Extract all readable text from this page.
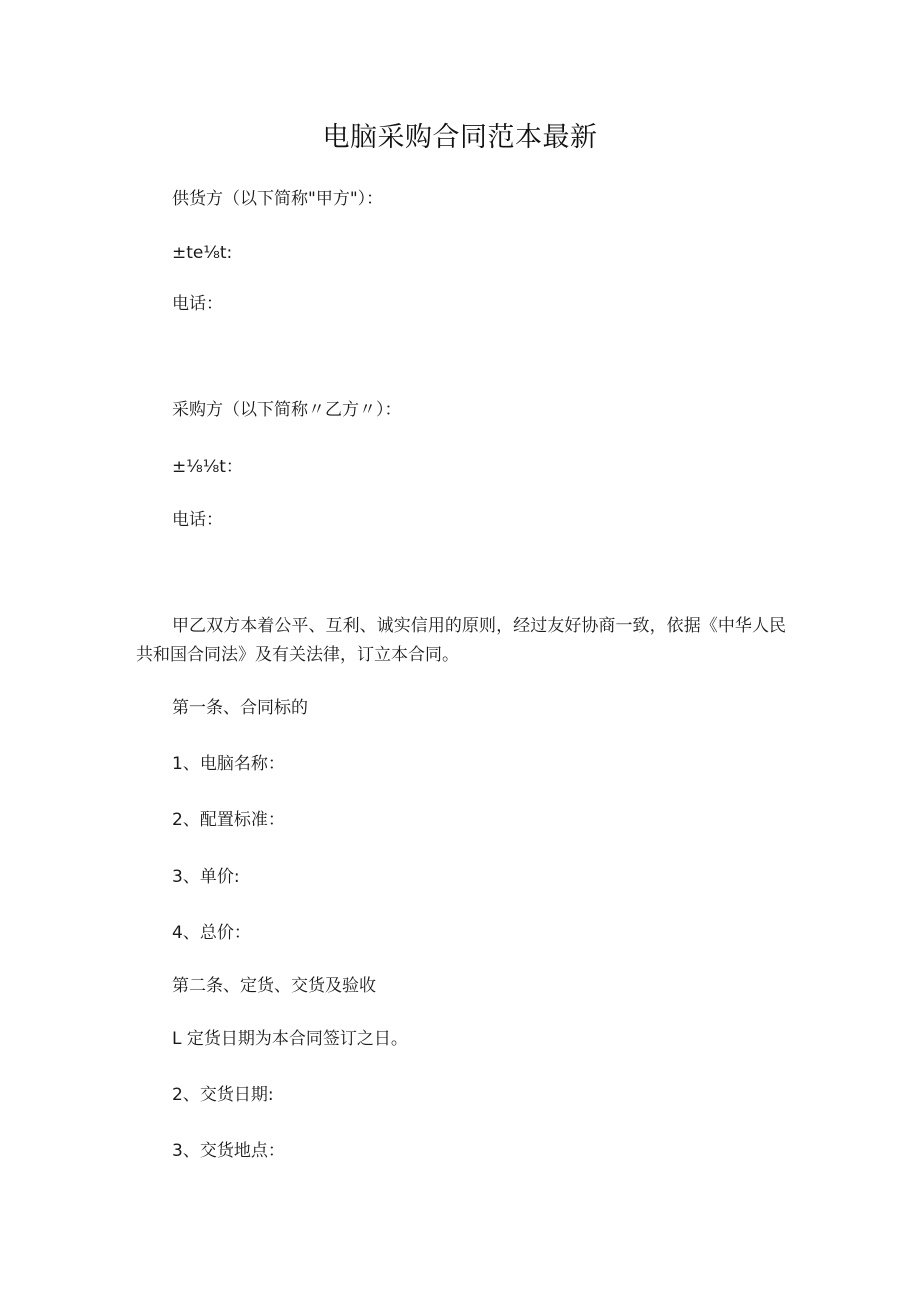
电脑采购合同范本最新
供货方（以下简称"甲方"）：
±te⅛t:
电话：
采购方（以下简称〃乙方〃）：
±⅛⅛t：
电话：
甲乙双方本着公平、互利、诚实信用的原则，经过友好协商一致，依据《中华人民共和国合同法》及有关法律，订立本合同。
第一条、合同标的
1、电脑名称：
2、配置标准：
3、单价:
4、总价：
第二条、定货、交货及验收
L 定货日期为本合同签订之日。
2、交货日期:
3、交货地点：
